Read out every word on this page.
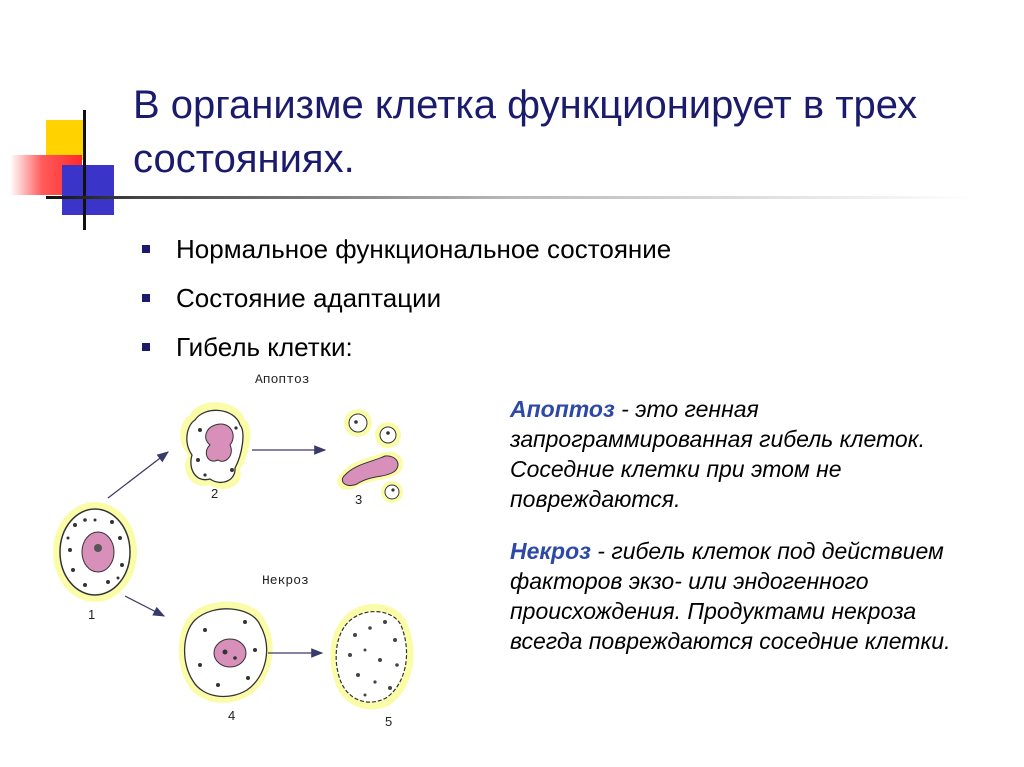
В организме клетка функционирует в трех состояниях.
Нормальное функциональное состояние
Состояние адаптации
Гибель клетки:
Апоптоз
Некроз
1
2	3
4	5

Апоптоз - это генная запрограммированная гибель клеток. Соседние клетки при этом не повреждаются.

Некроз - гибель клеток под действием факторов экзо- или эндогенного происхождения. Продуктами некроза всегда повреждаются соседние клетки.
